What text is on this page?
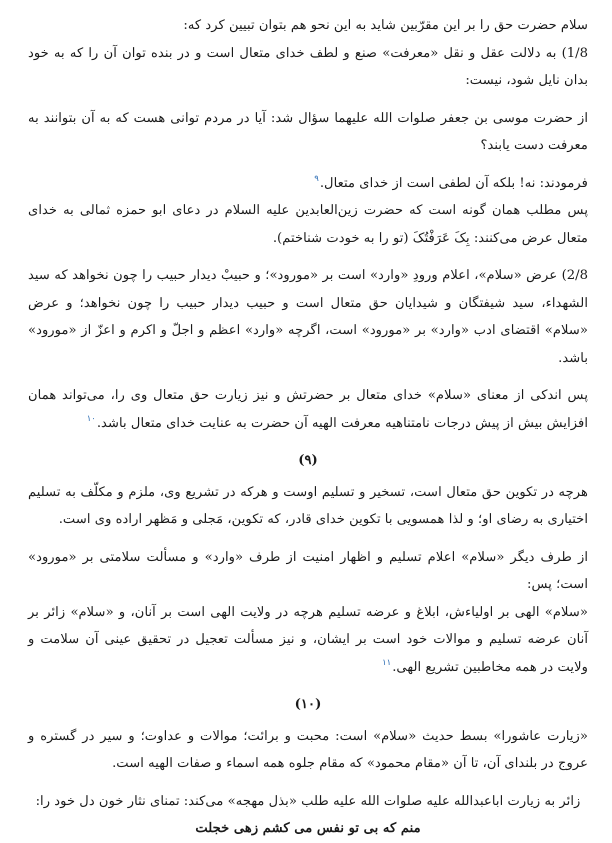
سلام حضرت حق را بر این مقرّبین شاید به این نحو هم بتوان تبیین کرد که:

1/8) به دلالت عقل و نقل «معرفت» صنع و لطف خدای متعال است و در بنده توان آن را که به خود بدان نایل شود، نیست:

از حضرت موسی بن جعفر صلوات الله علیهما سؤال شد: آیا در مردم توانی هست که به آن بتوانند به معرفت دست یابند؟

فرمودند: نه! بلکه آن لطفی است از خدای متعال.$^۹$

پس مطلب همان گونه است که حضرت زین‌العابدین علیه السلام در دعای ابو حمزه ثمالی به خدای متعال عرض می‌کنند: بِکَ عَرَفْتُکَ (تو را به خودت شناختم).

2/8) عرض «سلام»، اعلام ورودِ «وارد» است بر «مورود»؛ و حبیبْ دیدار حبیب را چون نخواهد که سید الشهداء، سید شیفتگان و شیدایان حق متعال است و حبیب دیدار حبیب را چون نخواهد؛ و عرض «سلام» اقتضای ادب «وارد» بر «مورود» است، اگرچه «وارد» اعظم و اجلّ و اکرم و اعزّ از «مورود» باشد.

پس اندکی از معنای «سلام» خدای متعال بر حضرتش و نیز زیارت حق متعال وی را، می‌تواند همان افزایش بیش از پیش درجات نامتناهیه معرفت الهیه آن حضرت به عنایت خدای متعال باشد.$^{۱۰}$

(۹)

هرچه در تکوین حق متعال است، تسخیر و تسلیم اوست و هرکه در تشریع وی، ملزم و مکلّف به تسلیم اختیاری به رضای او؛ و لذا همسویی با تکوین خدای قادر، که تکوین، مَجلی و مَظهر اراده وی است.

از طرف دیگر «سلام» اعلام تسلیم و اظهار امنیت از طرف «وارد» و مسألت سلامتی بر «مورود» است؛ پس:

«سلام» الهی بر اولیاءش، ابلاغ و عرضه تسلیم هرچه در ولایت الهی است بر آنان، و «سلام» زائر بر آنان عرضه تسلیم و موالات خود است بر ایشان، و نیز مسألت تعجیل در تحقیق عینی آن سلامت و ولایت در همه مخاطبین تشریع الهی.$^{۱۱}$

(۱۰)

«زیارت عاشورا» بسط حدیث «سلام» است: محبت و برائت؛ موالات و عداوت؛ و سیر در گستره و عروج در بلندای آن، تا آن «مقام محمود» که مقام جلوه همه اسماء و صفات الهیه است.

زائر به زیارت اباعبدالله علیه صلوات الله علیه طلب «بذل مهجه» می‌کند: تمنای نثار خون دل خود را:

منم که بی تو نفس می کشم زهی خجلت
